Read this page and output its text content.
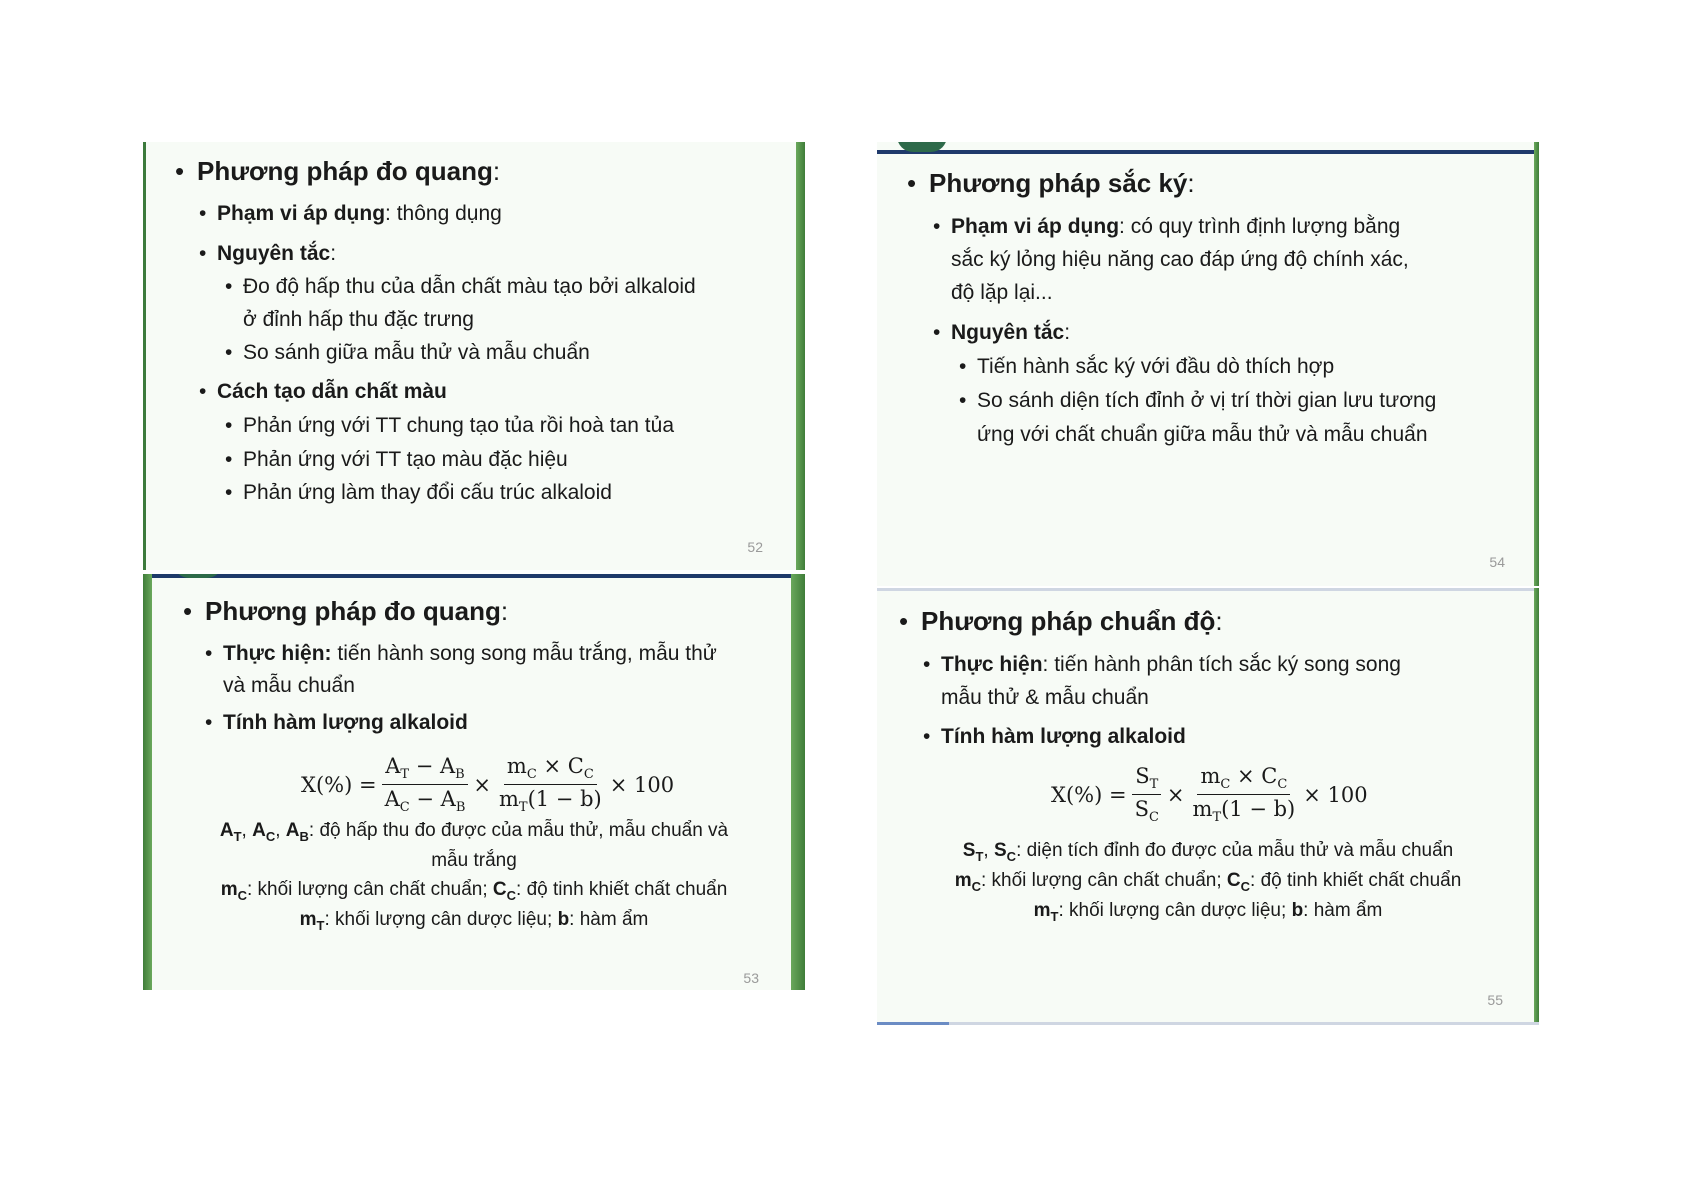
• Phương pháp đo quang:
• Phạm vi áp dụng: thông dụng
• Nguyên tắc:
• Đo độ hấp thu của dẫn chất màu tạo bởi alkaloid
ở đỉnh hấp thu đặc trưng
• So sánh giữa mẫu thử và mẫu chuẩn
• Cách tạo dẫn chất màu
• Phản ứng với TT chung tạo tủa rồi hoà tan tủa
• Phản ứng với TT tạo màu đặc hiệu
• Phản ứng làm thay đổi cấu trúc alkaloid
52
• Phương pháp đo quang:
• Thực hiện: tiến hành song song mẫu trắng, mẫu thử
và mẫu chuẩn
• Tính hàm lượng alkaloid
$X(\%) = \frac{A_T - A_B}{A_C - A_B} \times \frac{m_C \times C_C}{m_T(1 - b)} \times 100$
$A_T$, $A_C$, $A_B$: độ hấp thu đo được của mẫu thử, mẫu chuẩn và
mẫu trắng
$m_C$: khối lượng cân chất chuẩn; $C_C$: độ tinh khiết chất chuẩn
$m_T$: khối lượng cân dược liệu; b: hàm ẩm
53
• Phương pháp sắc ký:
• Phạm vi áp dụng: có quy trình định lượng bằng
sắc ký lỏng hiệu năng cao đáp ứng độ chính xác,
độ lặp lại...
• Nguyên tắc:
• Tiến hành sắc ký với đầu dò thích hợp
• So sánh diện tích đỉnh ở vị trí thời gian lưu tương
ứng với chất chuẩn giữa mẫu thử và mẫu chuẩn
54
• Phương pháp chuẩn độ:
• Thực hiện: tiến hành phân tích sắc ký song song
mẫu thử & mẫu chuẩn
• Tính hàm lượng alkaloid
$X(\%) = \frac{S_T}{S_C} \times \frac{m_C \times C_C}{m_T(1 - b)} \times 100$
$S_T$, $S_C$: diện tích đỉnh đo được của mẫu thử và mẫu chuẩn
$m_C$: khối lượng cân chất chuẩn; $C_C$: độ tinh khiết chất chuẩn
$m_T$: khối lượng cân dược liệu; b: hàm ẩm
55
